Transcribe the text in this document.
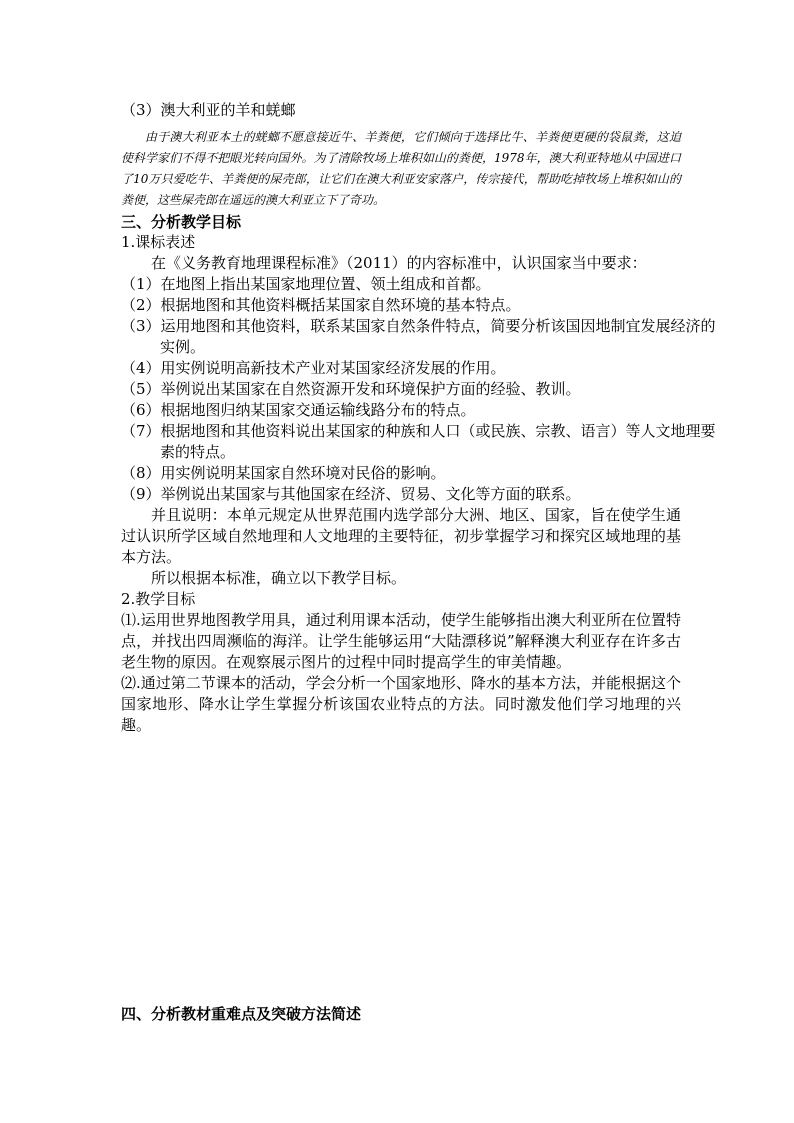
（3）澳大利亚的羊和蜣螂

由于澳大利亚本土的蜣螂不愿意接近牛、羊粪便，它们倾向于选择比牛、羊粪便更硬的袋鼠粪，这迫使科学家们不得不把眼光转向国外。为了清除牧场上堆积如山的粪便，1978年，澳大利亚特地从中国进口了10万只爱吃牛、羊粪便的屎壳郎，让它们在澳大利亚安家落户，传宗接代，帮助吃掉牧场上堆积如山的粪便，这些屎壳郎在遥远的澳大利亚立下了奇功。

三、分析教学目标

1.课标表述

在《义务教育地理课程标准》（2011）的内容标准中，认识国家当中要求：

（1）在地图上指出某国家地理位置、领土组成和首都。

（2）根据地图和其他资料概括某国家自然环境的基本特点。

（3）运用地图和其他资料，联系某国家自然条件特点，简要分析该国因地制宜发展经济的实例。

（4）用实例说明高新技术产业对某国家经济发展的作用。

（5）举例说出某国家在自然资源开发和环境保护方面的经验、教训。

（6）根据地图归纳某国家交通运输线路分布的特点。

（7）根据地图和其他资料说出某国家的种族和人口（或民族、宗教、语言）等人文地理要素的特点。

（8）用实例说明某国家自然环境对民俗的影响。

（9）举例说出某国家与其他国家在经济、贸易、文化等方面的联系。

并且说明：本单元规定从世界范围内选学部分大洲、地区、国家，旨在使学生通过认识所学区域自然地理和人文地理的主要特征，初步掌握学习和探究区域地理的基本方法。

所以根据本标准，确立以下教学目标。

2.教学目标

⑴.运用世界地图教学用具，通过利用课本活动，使学生能够指出澳大利亚所在位置特点，并找出四周濒临的海洋。让学生能够运用“大陆漂移说”解释澳大利亚存在许多古老生物的原因。在观察展示图片的过程中同时提高学生的审美情趣。

⑵.通过第二节课本的活动，学会分析一个国家地形、降水的基本方法，并能根据这个国家地形、降水让学生掌握分析该国农业特点的方法。同时激发他们学习地理的兴趣。

四、分析教材重难点及突破方法简述
